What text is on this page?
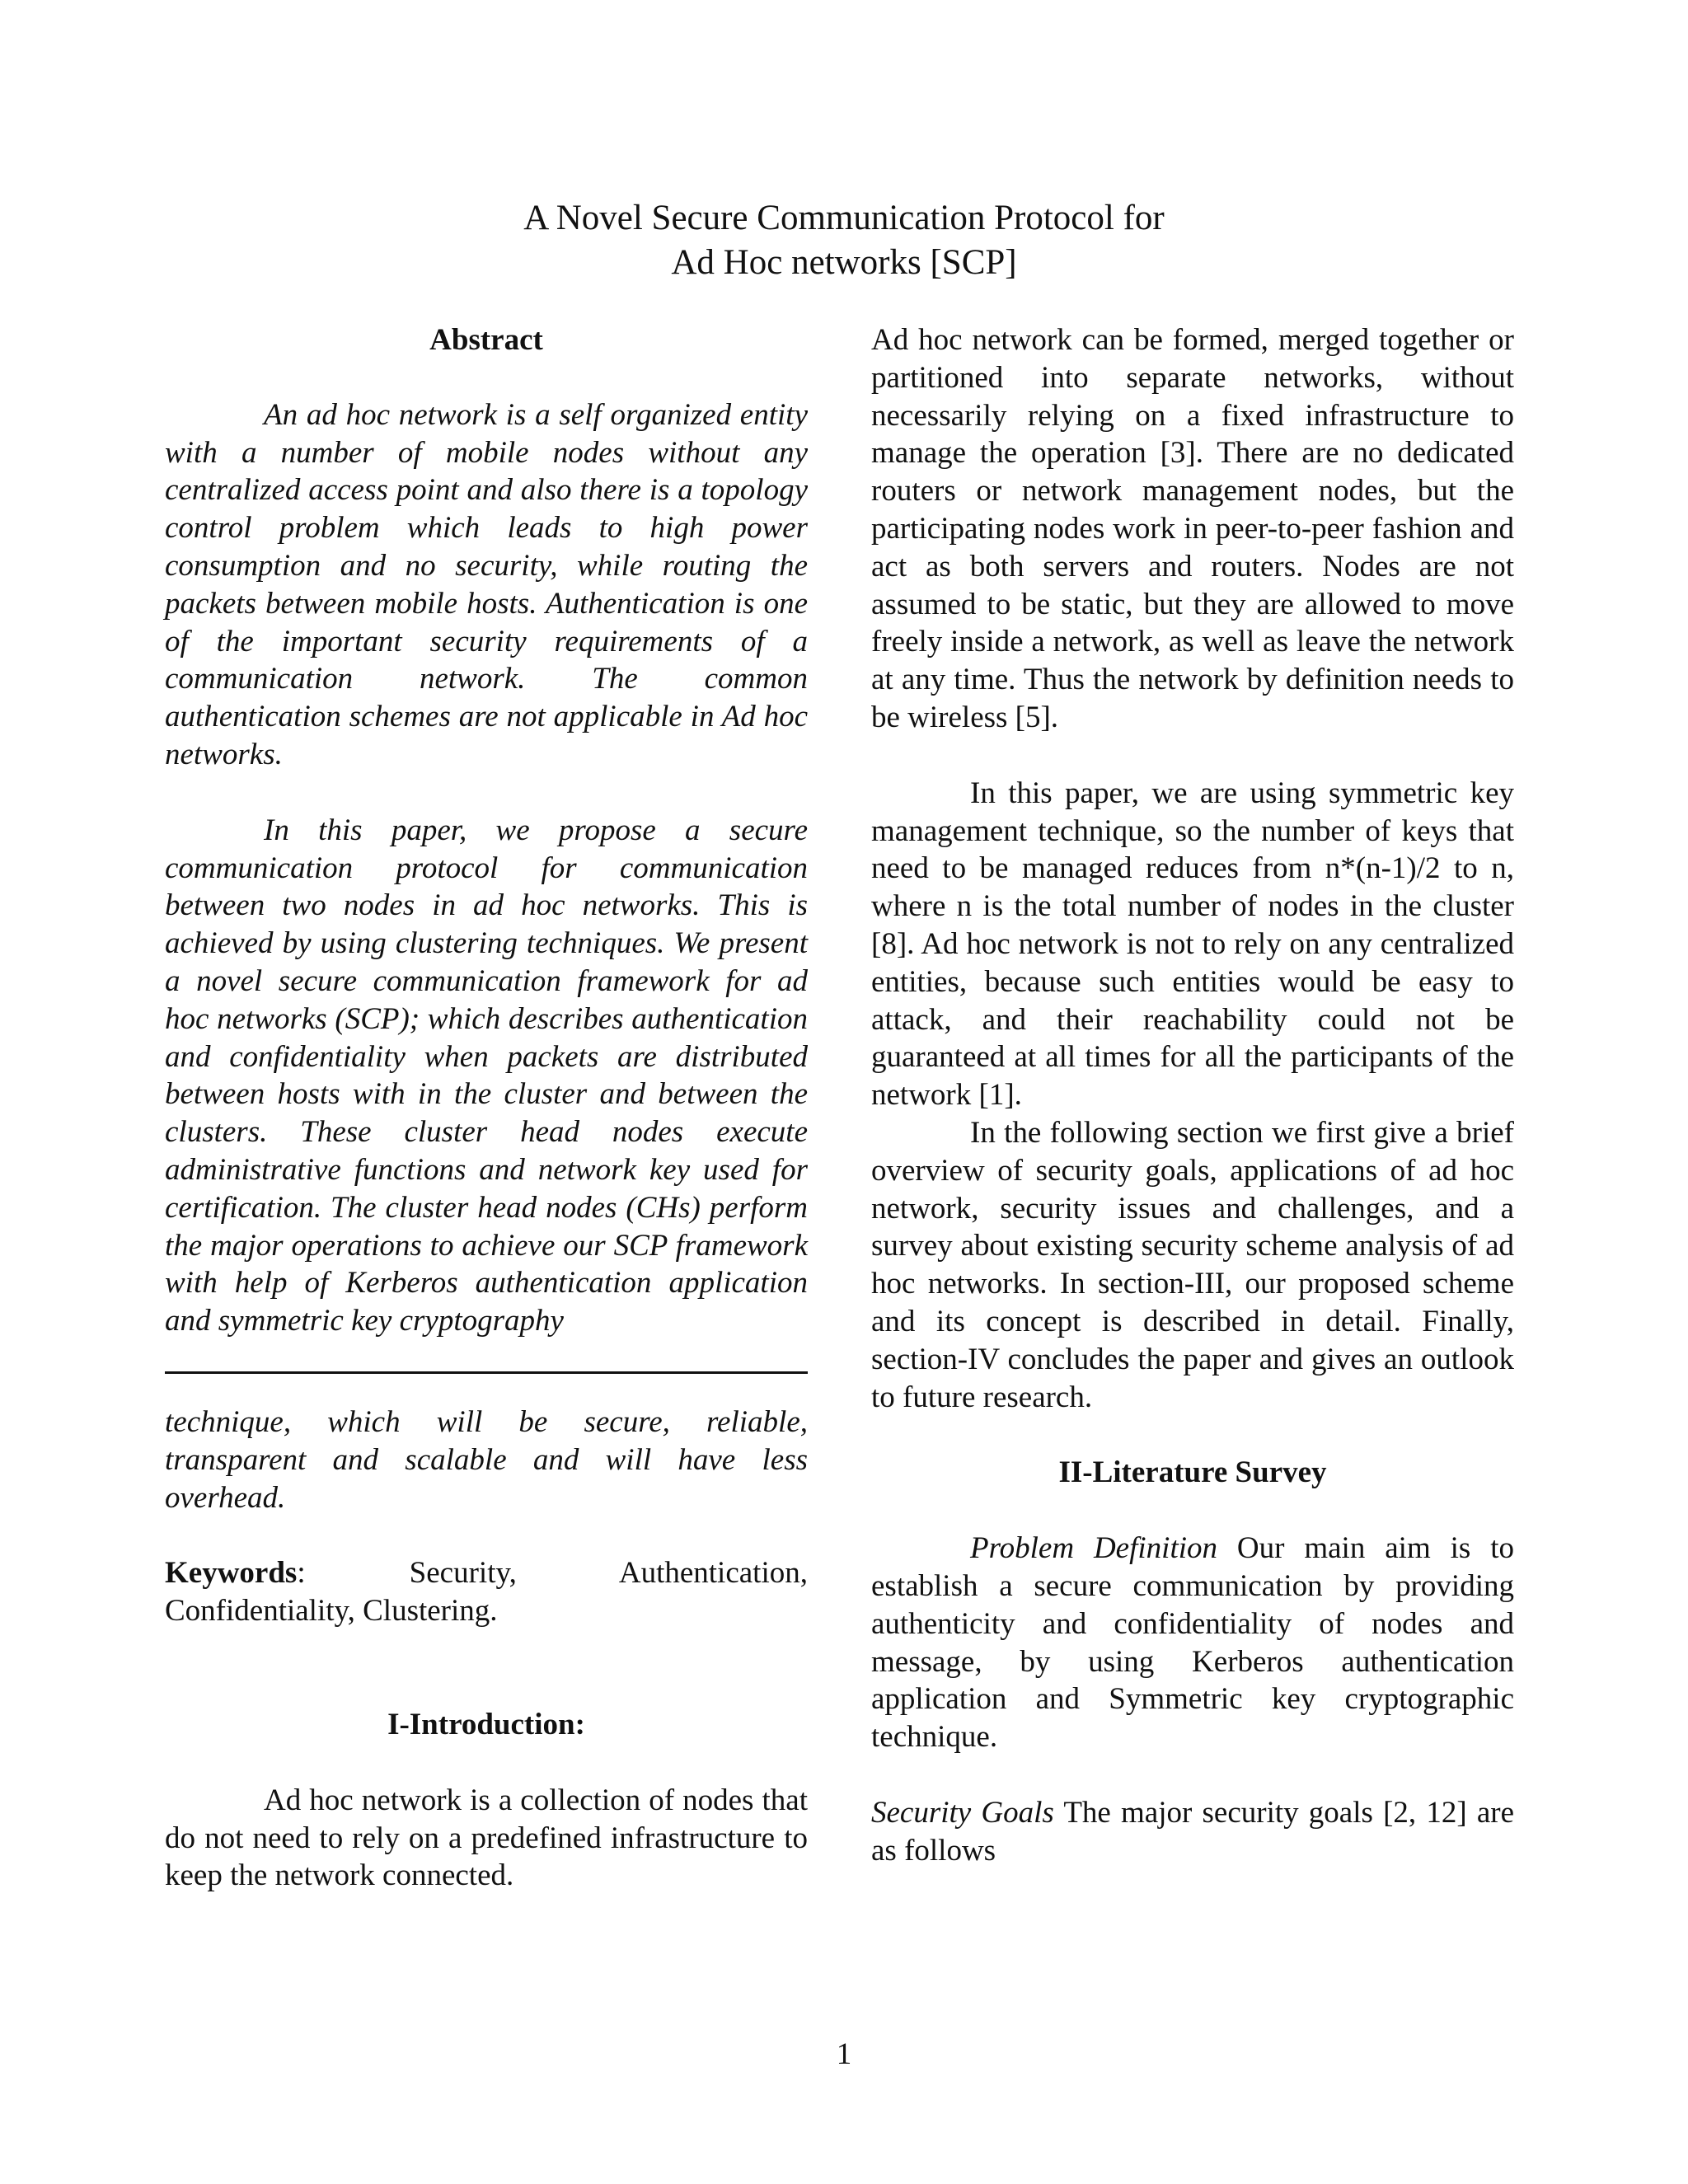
A Novel Secure Communication Protocol for
Ad Hoc networks [SCP]
Abstract

An ad hoc network is a self organized entity with a number of mobile nodes without any centralized access point and also there is a topology control problem which leads to high power consumption and no security, while routing the packets between mobile hosts. Authentication is one of the important security requirements of a communication network. The common authentication schemes are not applicable in Ad hoc networks.

In this paper, we propose a secure communication protocol for communication between two nodes in ad hoc networks. This is achieved by using clustering techniques. We present a novel secure communication framework for ad hoc networks (SCP); which describes authentication and confidentiality when packets are distributed between hosts with in the cluster and between the clusters. These cluster head nodes execute administrative functions and network key used for certification. The cluster head nodes (CHs) perform the major operations to achieve our SCP framework with help of Kerberos authentication application and symmetric key cryptography

technique, which will be secure, reliable, transparent and scalable and will have less overhead.

Keywords: Security, Authentication, Confidentiality, Clustering.

I-Introduction:

Ad hoc network is a collection of nodes that do not need to rely on a predefined infrastructure to keep the network connected.

Ad hoc network can be formed, merged together or partitioned into separate networks, without necessarily relying on a fixed infrastructure to manage the operation [3]. There are no dedicated routers or network management nodes, but the participating nodes work in peer-to-peer fashion and act as both servers and routers. Nodes are not assumed to be static, but they are allowed to move freely inside a network, as well as leave the network at any time. Thus the network by definition needs to be wireless [5].

In this paper, we are using symmetric key management technique, so the number of keys that need to be managed reduces from n*(n-1)/2 to n, where n is the total number of nodes in the cluster [8]. Ad hoc network is not to rely on any centralized entities, because such entities would be easy to attack, and their reachability could not be guaranteed at all times for all the participants of the network [1].

In the following section we first give a brief overview of security goals, applications of ad hoc network, security issues and challenges, and a survey about existing security scheme analysis of ad hoc networks. In section-III, our proposed scheme and its concept is described in detail. Finally, section-IV concludes the paper and gives an outlook to future research.

II-Literature Survey

Problem Definition Our main aim is to establish a secure communication by providing authenticity and confidentiality of nodes and message, by using Kerberos authentication application and Symmetric key cryptographic technique.

Security Goals The major security goals [2, 12] are as follows

1
